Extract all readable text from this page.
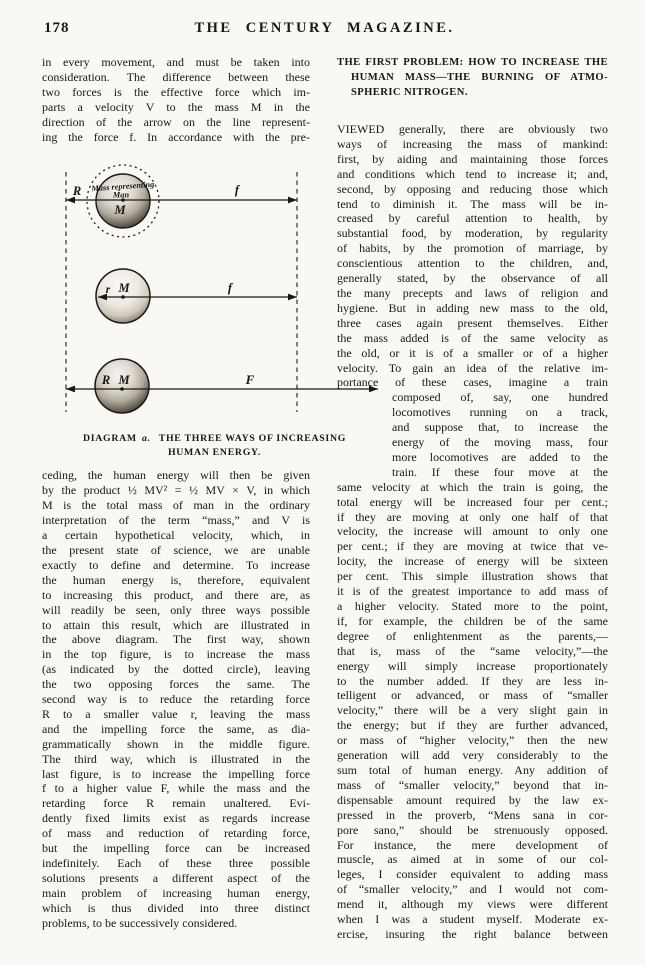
178	THE CENTURY MAGAZINE.
in every movement, and must be taken into
consideration. The difference between these
two forces is the effective force which im-
parts a velocity V to the mass M in the
direction of the arrow on the line represent-
ing the force f. In accordance with the pre-
Mass representing
Man
M
R	f
r M	f
R M	F
DIAGRAM a. THE THREE WAYS OF INCREASING
HUMAN ENERGY.
ceding, the human energy will then be given
by the product ½ MV² = ½ MV × V, in which
M is the total mass of man in the ordinary
interpretation of the term “mass,” and V is
a certain hypothetical velocity, which, in
the present state of science, we are unable
exactly to define and determine. To increase
the human energy is, therefore, equivalent
to increasing this product, and there are, as
will readily be seen, only three ways possible
to attain this result, which are illustrated in
the above diagram. The first way, shown
in the top figure, is to increase the mass
(as indicated by the dotted circle), leaving
the two opposing forces the same. The
second way is to reduce the retarding force
R to a smaller value r, leaving the mass
and the impelling force the same, as dia-
grammatically shown in the middle figure.
The third way, which is illustrated in the
last figure, is to increase the impelling force
f to a higher value F, while the mass and the
retarding force R remain unaltered. Evi-
dently fixed limits exist as regards increase
of mass and reduction of retarding force,
but the impelling force can be increased
indefinitely. Each of these three possible
solutions presents a different aspect of the
main problem of increasing human energy,
which is thus divided into three distinct
problems, to be successively considered.
THE FIRST PROBLEM: HOW TO INCREASE THE
HUMAN MASS—THE BURNING OF ATMO-
SPHERIC NITROGEN.
VIEWED generally, there are obviously two
ways of increasing the mass of mankind:
first, by aiding and maintaining those forces
and conditions which tend to increase it; and,
second, by opposing and reducing those which
tend to diminish it. The mass will be in-
creased by careful attention to health, by
substantial food, by moderation, by regularity
of habits, by the promotion of marriage, by
conscientious attention to the children, and,
generally stated, by the observance of all
the many precepts and laws of religion and
hygiene. But in adding new mass to the old,
three cases again present themselves. Either
the mass added is of the same velocity as
the old, or it is of a smaller or of a higher
velocity. To gain an idea of the relative im-
portance of these cases, imagine a train
composed of, say, one hundred
locomotives running on a track,
and suppose that, to increase the
energy of the moving mass, four
more locomotives are added to the
train. If these four move at the
same velocity at which the train is going, the
total energy will be increased four per cent.;
if they are moving at only one half of that
velocity, the increase will amount to only one
per cent.; if they are moving at twice that ve-
locity, the increase of energy will be sixteen
per cent. This simple illustration shows that
it is of the greatest importance to add mass of
a higher velocity. Stated more to the point,
if, for example, the children be of the same
degree of enlightenment as the parents,—
that is, mass of the “same velocity,”—the
energy will simply increase proportionately
to the number added. If they are less in-
telligent or advanced, or mass of “smaller
velocity,” there will be a very slight gain in
the energy; but if they are further advanced,
or mass of “higher velocity,” then the new
generation will add very considerably to the
sum total of human energy. Any addition of
mass of “smaller velocity,” beyond that in-
dispensable amount required by the law ex-
pressed in the proverb, “Mens sana in cor-
pore sano,” should be strenuously opposed.
For instance, the mere development of
muscle, as aimed at in some of our col-
leges, I consider equivalent to adding mass
of “smaller velocity,” and I would not com-
mend it, although my views were different
when I was a student myself. Moderate ex-
ercise, insuring the right balance between
